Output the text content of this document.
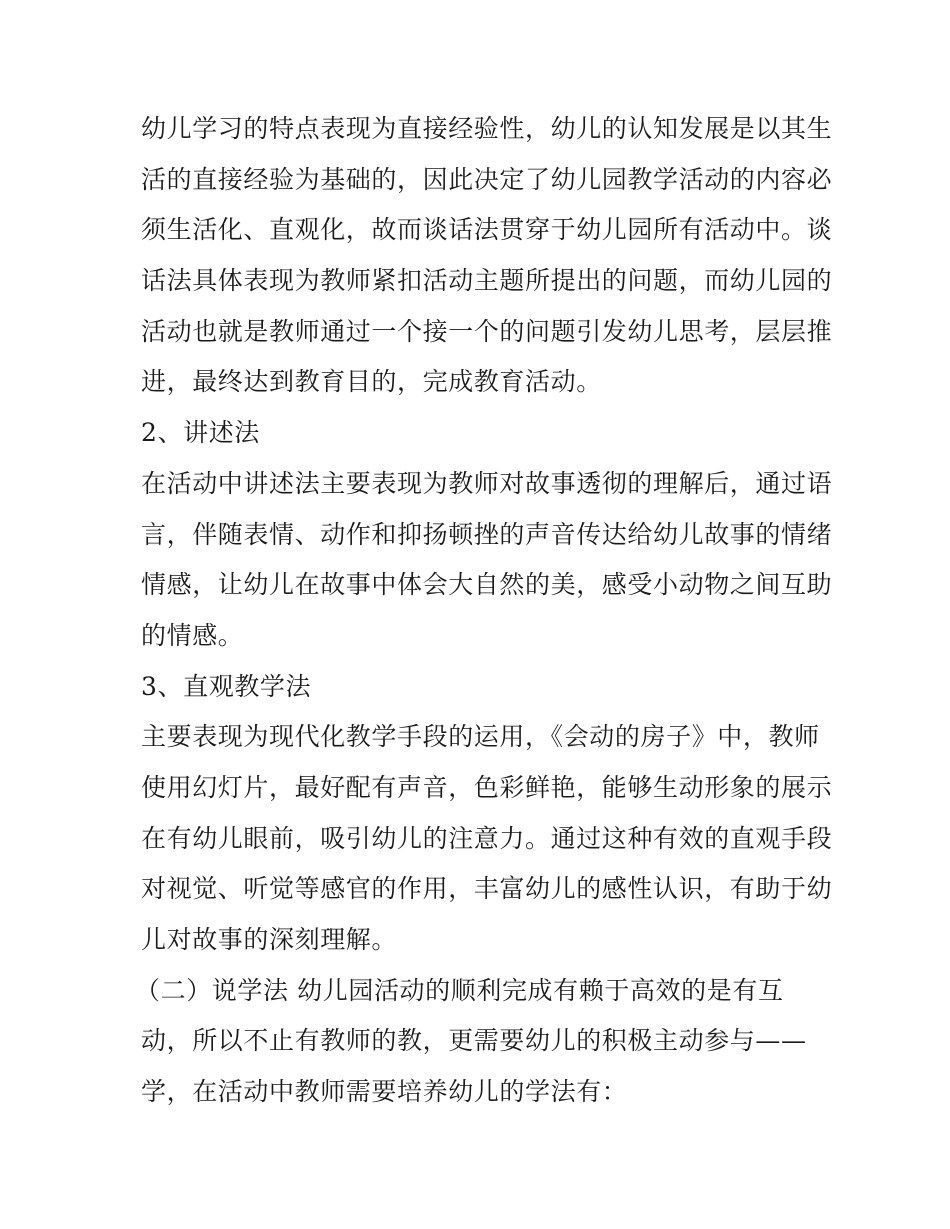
幼儿学习的特点表现为直接经验性，幼儿的认知发展是以其生
活的直接经验为基础的，因此决定了幼儿园教学活动的内容必
须生活化、直观化，故而谈话法贯穿于幼儿园所有活动中。谈
话法具体表现为教师紧扣活动主题所提出的问题，而幼儿园的
活动也就是教师通过一个接一个的问题引发幼儿思考，层层推
进，最终达到教育目的，完成教育活动。
2、讲述法
在活动中讲述法主要表现为教师对故事透彻的理解后，通过语
言，伴随表情、动作和抑扬顿挫的声音传达给幼儿故事的情绪
情感，让幼儿在故事中体会大自然的美，感受小动物之间互助
的情感。
3、直观教学法
主要表现为现代化教学手段的运用，《会动的房子》中，教师
使用幻灯片，最好配有声音，色彩鲜艳，能够生动形象的展示
在有幼儿眼前，吸引幼儿的注意力。通过这种有效的直观手段
对视觉、听觉等感官的作用，丰富幼儿的感性认识，有助于幼
儿对故事的深刻理解。
（二）说学法 幼儿园活动的顺利完成有赖于高效的是有互
动，所以不止有教师的教，更需要幼儿的积极主动参与——
学，在活动中教师需要培养幼儿的学法有：
